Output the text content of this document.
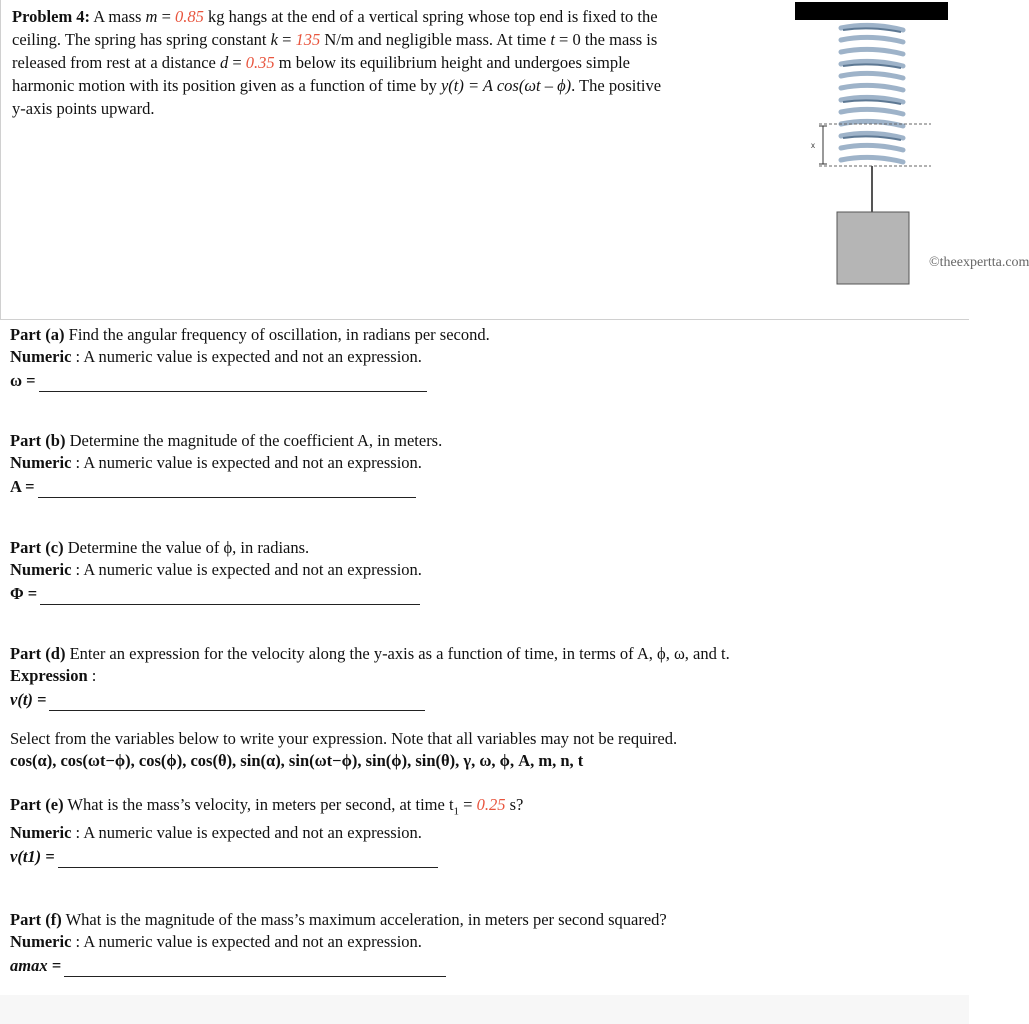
Problem 4: A mass m = 0.85 kg hangs at the end of a vertical spring whose top end is fixed to the ceiling. The spring has spring constant k = 135 N/m and negligible mass. At time t = 0 the mass is released from rest at a distance d = 0.35 m below its equilibrium height and undergoes simple harmonic motion with its position given as a function of time by y(t) = A cos(ωt – ϕ). The positive y-axis points upward.
x
©theexpertta.com
Part (a) Find the angular frequency of oscillation, in radians per second.
Numeric : A numeric value is expected and not an expression.
ω =
Part (b) Determine the magnitude of the coefficient A, in meters.
Numeric : A numeric value is expected and not an expression.
A =
Part (c) Determine the value of ϕ, in radians.
Numeric : A numeric value is expected and not an expression.
Φ =
Part (d) Enter an expression for the velocity along the y-axis as a function of time, in terms of A, ϕ, ω, and t.
Expression :
v(t) =
Select from the variables below to write your expression. Note that all variables may not be required.
cos(α), cos(ωt−ϕ), cos(ϕ), cos(θ), sin(α), sin(ωt−ϕ), sin(ϕ), sin(θ), γ, ω, ϕ, A, m, n, t
Part (e) What is the mass’s velocity, in meters per second, at time $t_1 = 0.25$ s?
Numeric : A numeric value is expected and not an expression.
v(t1) =
Part (f) What is the magnitude of the mass’s maximum acceleration, in meters per second squared?
Numeric : A numeric value is expected and not an expression.
amax =
